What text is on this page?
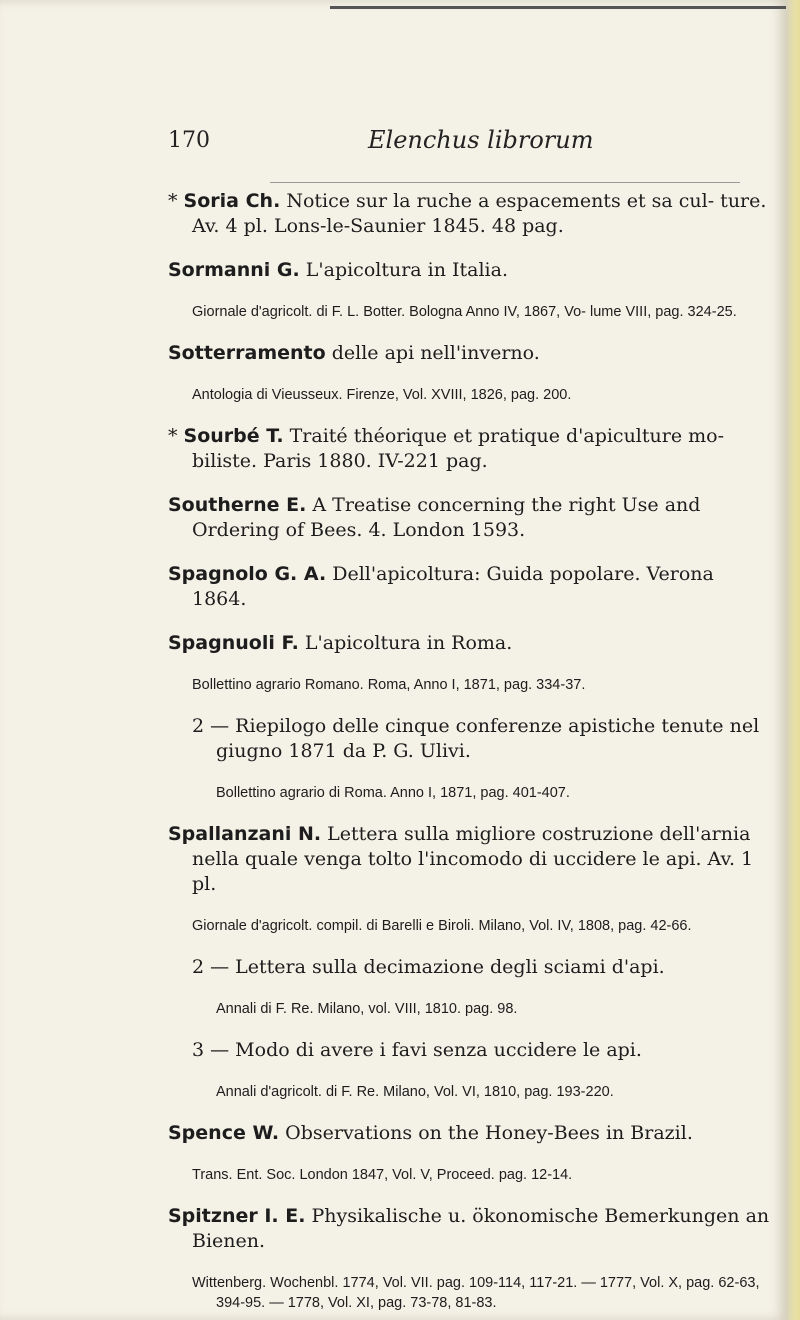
170	Elenchus librorum

* Soria Ch. Notice sur la ruche a espacements et sa cul- ture. Av. 4 pl. Lons-le-Saunier 1845. 48 pag.

Sormanni G. L'apicoltura in Italia.

Giornale d'agricolt. di F. L. Botter. Bologna Anno IV, 1867, Vo- lume VIII, pag. 324-25.

Sotterramento delle api nell'inverno.

Antologia di Vieusseux. Firenze, Vol. XVIII, 1826, pag. 200.

* Sourbé T. Traité théorique et pratique d'apiculture mo- biliste. Paris 1880. IV-221 pag.

Southerne E. A Treatise concerning the right Use and Ordering of Bees. 4. London 1593.

Spagnolo G. A. Dell'apicoltura: Guida popolare. Verona 1864.

Spagnuoli F. L'apicoltura in Roma.

Bollettino agrario Romano. Roma, Anno I, 1871, pag. 334-37.

2 — Riepilogo delle cinque conferenze apistiche tenute nel giugno 1871 da P. G. Ulivi.

Bollettino agrario di Roma. Anno I, 1871, pag. 401-407.

Spallanzani N. Lettera sulla migliore costruzione dell'arnia nella quale venga tolto l'incomodo di uccidere le api. Av. 1 pl.

Giornale d'agricolt. compil. di Barelli e Biroli. Milano, Vol. IV, 1808, pag. 42-66.

2 — Lettera sulla decimazione degli sciami d'api.

Annali di F. Re. Milano, vol. VIII, 1810. pag. 98.

3 — Modo di avere i favi senza uccidere le api.

Annali d'agricolt. di F. Re. Milano, Vol. VI, 1810, pag. 193-220.

Spence W. Observations on the Honey-Bees in Brazil.

Trans. Ent. Soc. London 1847, Vol. V, Proceed. pag. 12-14.

Spitzner I. E. Physikalische u. ökonomische Bemerkungen an Bienen.

Wittenberg. Wochenbl. 1774, Vol. VII. pag. 109-114, 117-21. — 1777, Vol. X, pag. 62-63, 394-95. — 1778, Vol. XI, pag. 73-78, 81-83.
